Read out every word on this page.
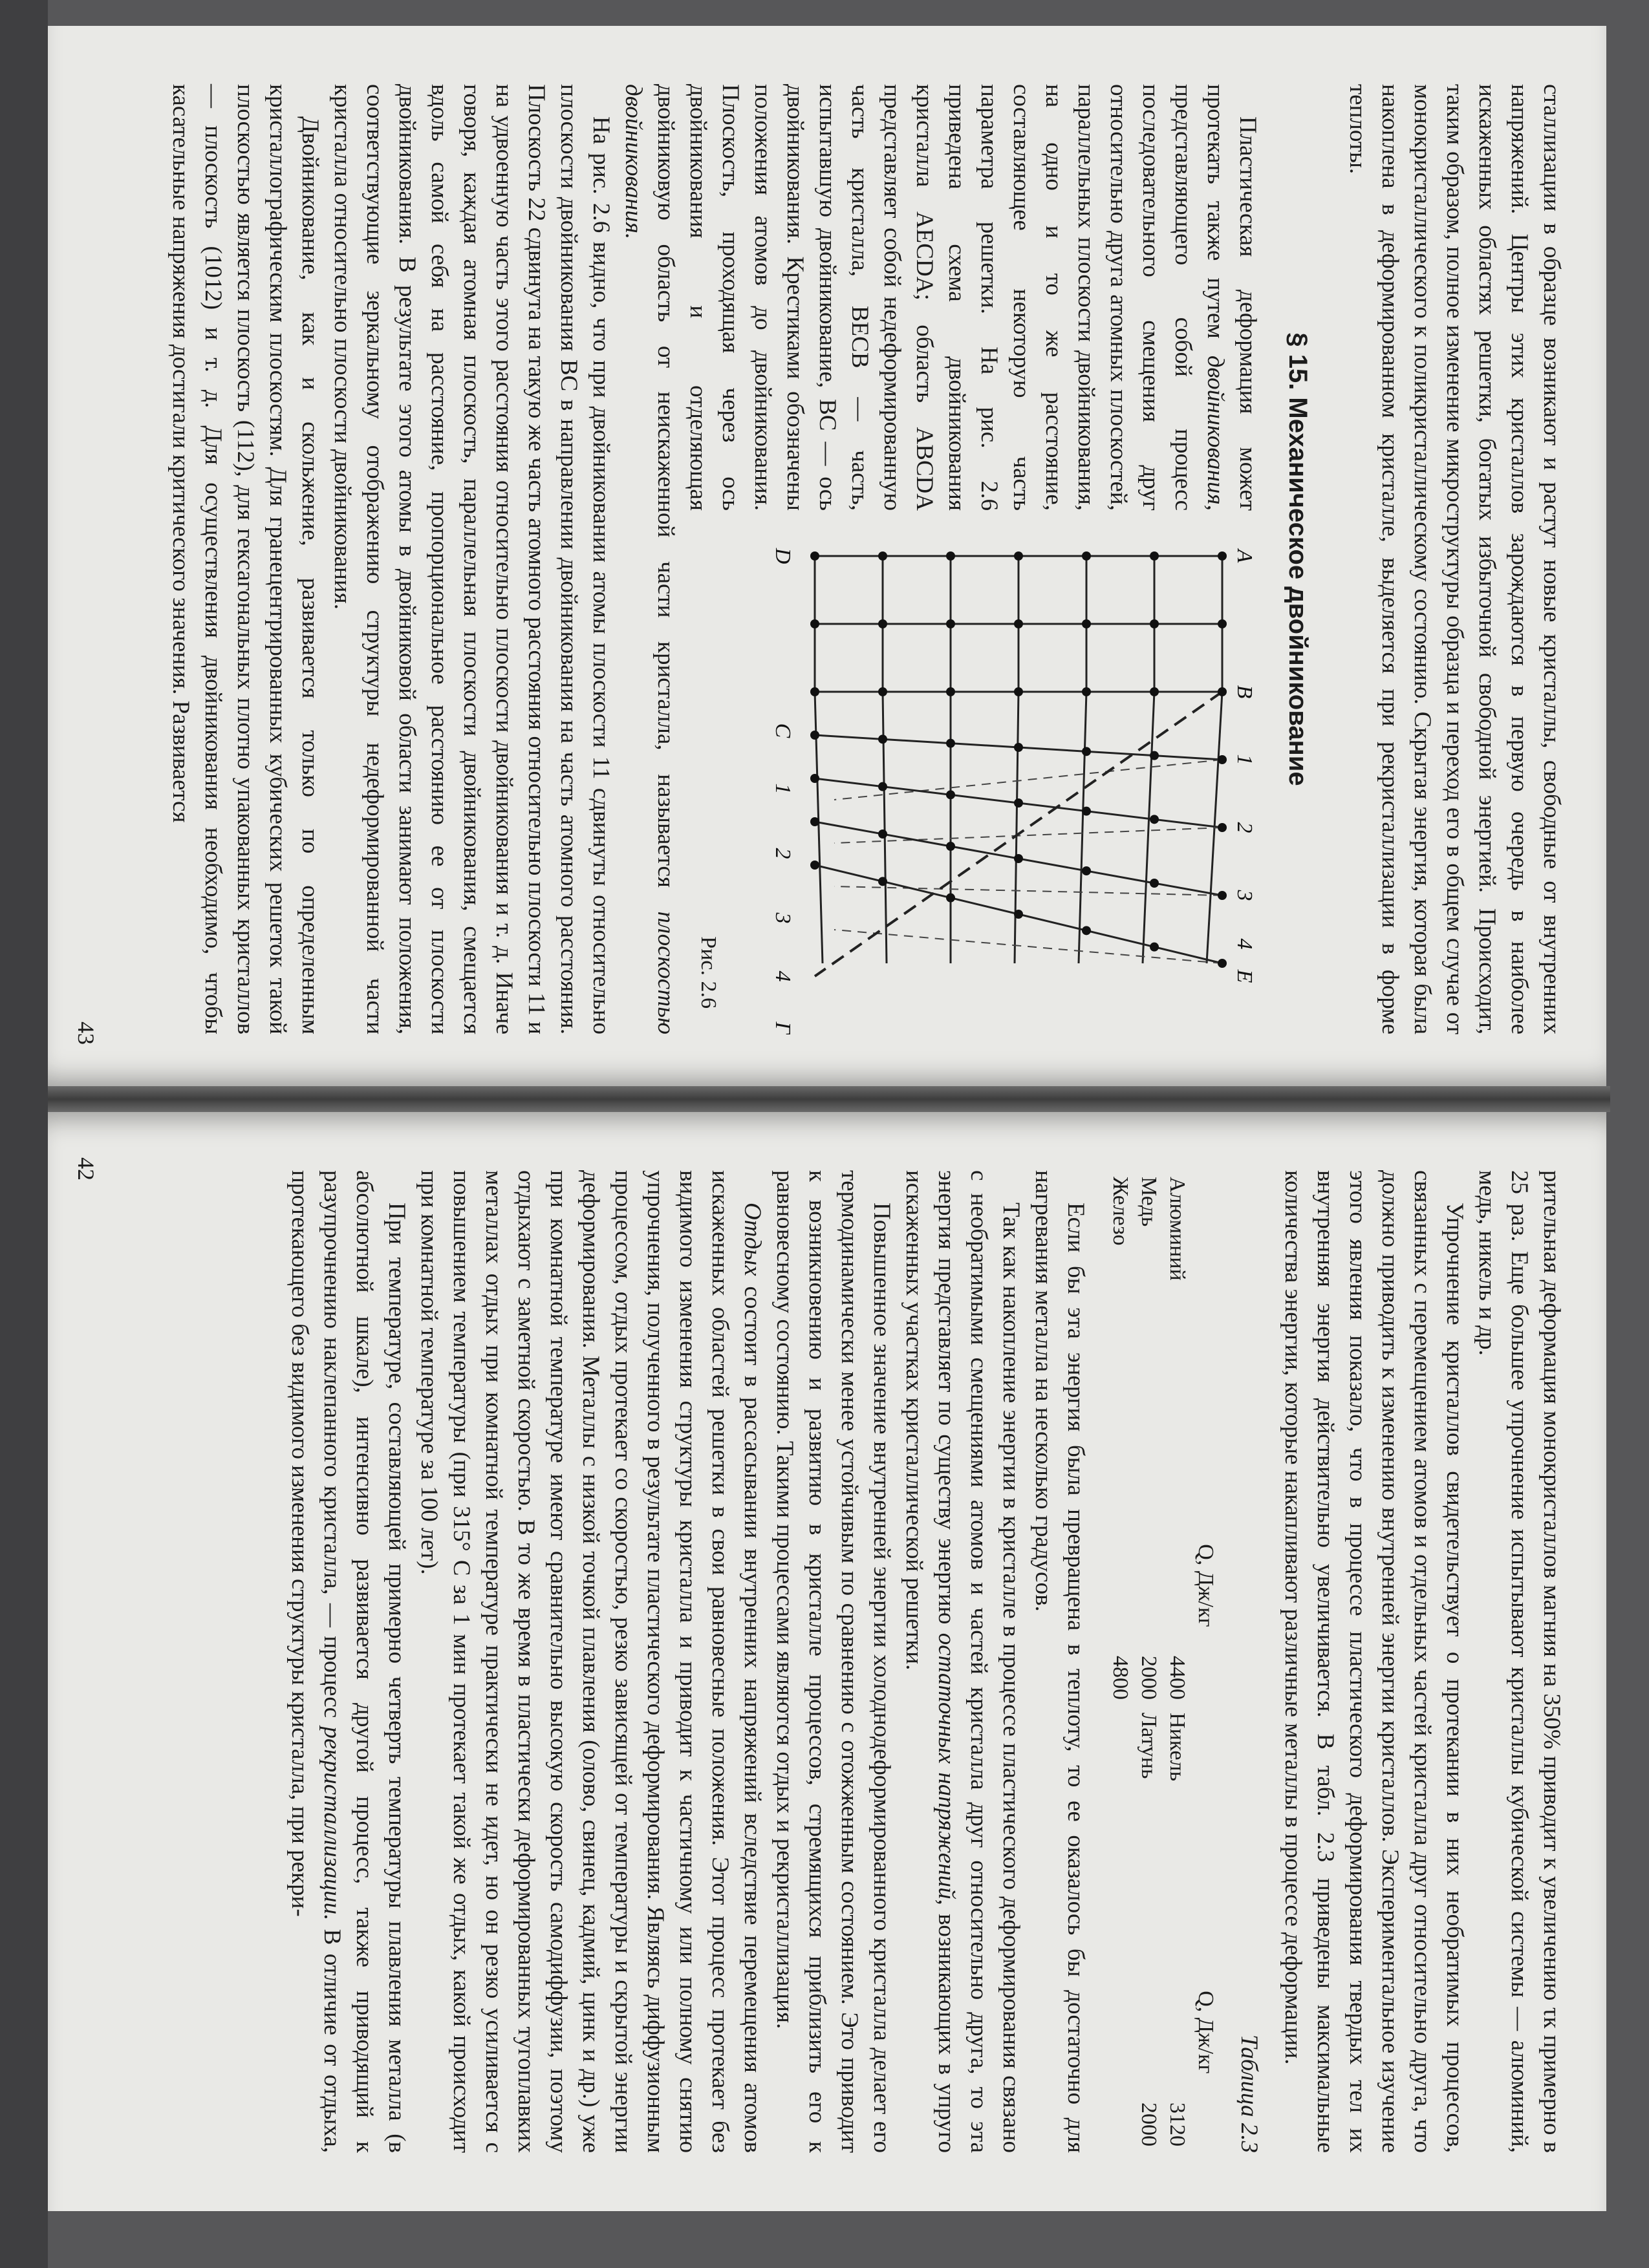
43	сталлизации в образце возникают и растут новые кристаллы, свободные от внутренних напряжений. Центры этих кристаллов зарождаются в первую очередь в наиболее искаженных областях решетки, богатых избыточной свободной энергией. Происходит, таким образом, полное изменение микроструктуры образца и переход его в общем случае от монокристаллического к поликристаллическому состоянию. Скрытая энергия, которая была накоплена в деформированном кристалле, выделяется при рекристаллизации в форме теплоты.

§ 15. Механическое двойникование
A
B
1
2
3
4
E
D
C
1
2
3
4
Г
Рис. 2.6

Пластическая деформация может протекать также путем двойникования, представляющего собой процесс последовательного смещения друг относительно друга атомных плоскостей, параллельных плоскости двойникования, на одно и то же расстояние, составляющее некоторую часть параметра решетки. На рис. 2.6 приведена схема двойникования кристалла AECDA; область ABCDA представляет собой недеформированную часть кристалла, BECB — часть, испытавшую двойникование, BC — ось двойникования. Крестиками обозначены положения атомов до двойникования. Плоскость, проходящая через ось двойникования и отделяющая двойниковую область от неискаженной части кристалла, называется плоскостью двойникования.

На рис. 2.6 видно, что при двойниковании атомы плоскости 11 сдвинуты относительно плоскости двойникования BC в направлении двойникования на часть атомного расстояния. Плоскость 22 сдвинута на такую же часть атомного расстояния относительно плоскости 11 и на удвоенную часть этого расстояния относительно плоскости двойникования и т. д. Иначе говоря, каждая атомная плоскость, параллельная плоскости двойникования, смещается вдоль самой себя на расстояние, пропорциональное расстоянию ее от плоскости двойникования. В результате этого атомы в двойниковой области занимают положения, соответствующие зеркальному отображению структуры недеформированной части кристалла относительно плоскости двойникования.

Двойникование, как и скольжение, развивается только по определенным кристаллографическим плоскостям. Для гранецентрированных кубических решеток такой плоскостью является плоскость (112), для гексагональных плотно упакованных кристаллов — плоскость (1012) и т. д. Для осуществления двойникования необходимо, чтобы касательные напряжения достигали критического значения. Развивается

42

рительная деформация монокристаллов магния на 350% приводит к увеличению τк примерно в 25 раз. Еще большее упрочнение испытывают кристаллы кубической системы — алюминий, медь, никель и др.

Упрочнение кристаллов свидетельствует о протекании в них необратимых процессов, связанных с перемещением атомов и отдельных частей кристалла друг относительно друга, что должно приводить к изменению внутренней энергии кристаллов. Экспериментальное изучение этого явления показало, что в процессе пластического деформирования твердых тел их внутренняя энергия действительно увеличивается. В табл. 2.3 приведены максимальные количества энергии, которые накапливают различные металлы в процессе деформации.

Таблица 2.3
	Q, Дж/кг		Q, Дж/кг
Алюминий	4400	Никель	3120
Медь	2000	Латунь	2000
Железо	4800		

Если бы эта энергия была превращена в теплоту, то ее оказалось бы достаточно для нагревания металла на несколько градусов.

Так как накопление энергии в кристалле в процессе пластического деформирования связано с необратимыми смещениями атомов и частей кристалла друг относительно друга, то эта энергия представляет по существу энергию остаточных напряжений, возникающих в упруго искаженных участках кристаллической решетки.

Повышенное значение внутренней энергии холоднодеформированного кристалла делает его термодинамически менее устойчивым по сравнению с отожженным состоянием. Это приводит к возникновению и развитию в кристалле процессов, стремящихся приблизить его к равновесному состоянию. Такими процессами являются отдых и рекристаллизация.

Отдых состоит в рассасывании внутренних напряжений вследствие перемещения атомов искаженных областей решетки в свои равновесные положения. Этот процесс протекает без видимого изменения структуры кристалла и приводит к частичному или полному снятию упрочнения, полученного в результате пластического деформирования. Являясь диффузионным процессом, отдых протекает со скоростью, резко зависящей от температуры и скрытой энергии деформирования. Металлы с низкой точкой плавления (олово, свинец, кадмий, цинк и др.) уже при комнатной температуре имеют сравнительно высокую скорость самодиффузии, поэтому отдыхают с заметной скоростью. В то же время в пластически деформированных тугоплавких металлах отдых при комнатной температуре практически не идет, но он резко усиливается с повышением температуры (при 315° С за 1 мин протекает такой же отдых, какой происходит при комнатной температуре за 100 лет).

При температуре, составляющей примерно четверть температуры плавления металла (в абсолютной шкале), интенсивно развивается другой процесс, также приводящий к разупрочнению наклепанного кристалла, — процесс рекристаллизации. В отличие от отдыха, протекающего без видимого изменения структуры кристалла, при рекри-
